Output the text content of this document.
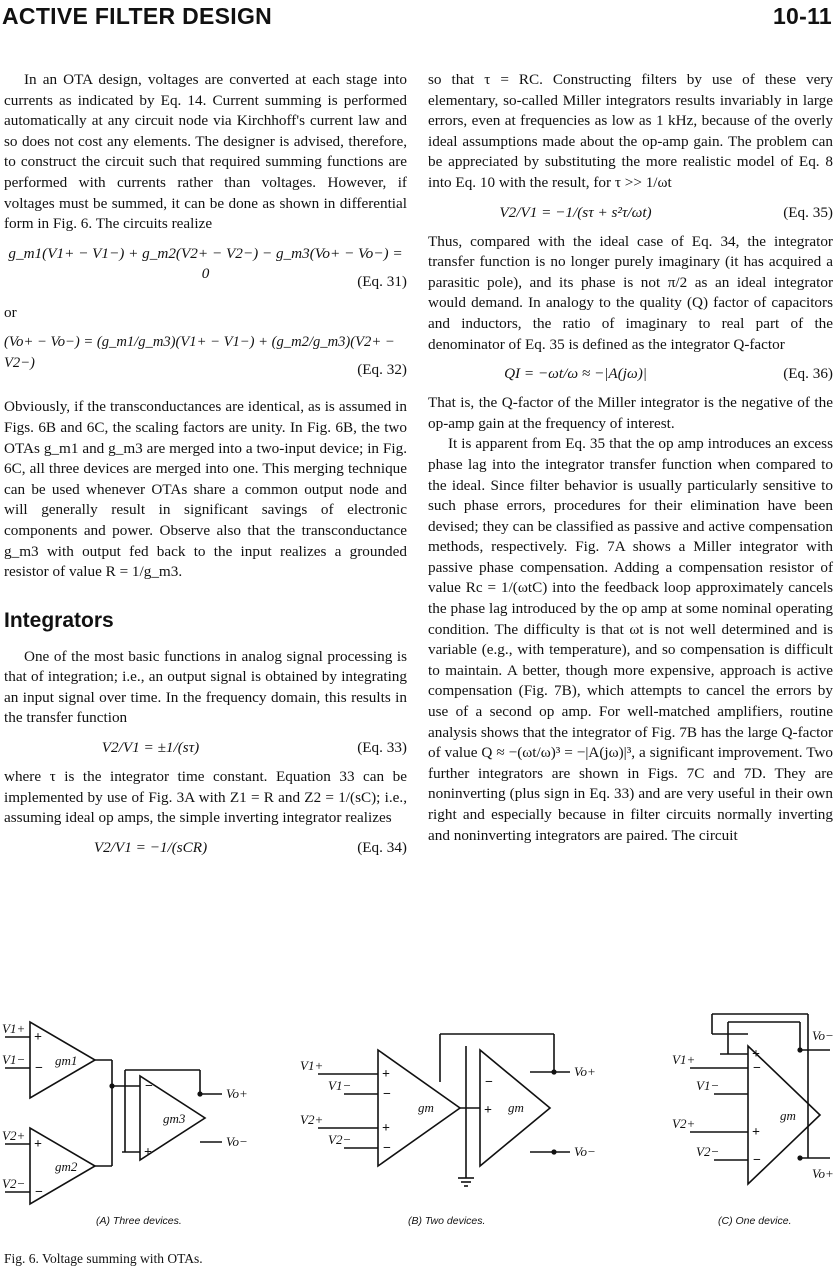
ACTIVE FILTER DESIGN	10-11

In an OTA design, voltages are converted at each stage into currents as indicated by Eq. 14. Current summing is performed automatically at any circuit node via Kirchhoff's current law and so does not cost any elements. The designer is advised, therefore, to construct the circuit such that required summing functions are performed with currents rather than voltages. However, if voltages must be summed, it can be done as shown in differential form in Fig. 6. The circuits realize

g_m1(V1+ − V1−) + g_m2(V2+ − V2−) − g_m3(Vo+ − Vo−) = 0	(Eq. 31)

or

(Vo+ − Vo−) = (g_m1/g_m3)(V1+ − V1−) + (g_m2/g_m3)(V2+ − V2−)	(Eq. 32)

Obviously, if the transconductances are identical, as is assumed in Figs. 6B and 6C, the scaling factors are unity. In Fig. 6B, the two OTAs g_m1 and g_m3 are merged into a two-input device; in Fig. 6C, all three devices are merged into one. This merging technique can be used whenever OTAs share a common output node and will generally result in significant savings of electronic components and power. Observe also that the transconductance g_m3 with output fed back to the input realizes a grounded resistor of value R = 1/g_m3.

Integrators

One of the most basic functions in analog signal processing is that of integration; i.e., an output signal is obtained by integrating an input signal over time. In the frequency domain, this results in the transfer function

V2/V1 = ±1/(sτ)	(Eq. 33)

where τ is the integrator time constant. Equation 33 can be implemented by use of Fig. 3A with Z1 = R and Z2 = 1/(sC); i.e., assuming ideal op amps, the simple inverting integrator realizes

V2/V1 = −1/(sCR)	(Eq. 34)

so that τ = RC. Constructing filters by use of these very elementary, so-called Miller integrators results invariably in large errors, even at frequencies as low as 1 kHz, because of the overly ideal assumptions made about the op-amp gain. The problem can be appreciated by substituting the more realistic model of Eq. 8 into Eq. 10 with the result, for τ >> 1/ωt

V2/V1 = −1/(sτ + s²τ/ωt)	(Eq. 35)

Thus, compared with the ideal case of Eq. 34, the integrator transfer function is no longer purely imaginary (it has acquired a parasitic pole), and its phase is not π/2 as an ideal integrator would demand. In analogy to the quality (Q) factor of capacitors and inductors, the ratio of imaginary to real part of the denominator of Eq. 35 is defined as the integrator Q-factor

QI = −ωt/ω ≈ −|A(jω)|	(Eq. 36)

That is, the Q-factor of the Miller integrator is the negative of the op-amp gain at the frequency of interest.

It is apparent from Eq. 35 that the op amp introduces an excess phase lag into the integrator transfer function when compared to the ideal. Since filter behavior is usually particularly sensitive to such phase errors, procedures for their elimination have been devised; they can be classified as passive and active compensation methods, respectively. Fig. 7A shows a Miller integrator with passive phase compensation. Adding a compensation resistor of value Rc = 1/(ωtC) into the feedback loop approximately cancels the phase lag introduced by the op amp at some nominal operating condition. The difficulty is that ωt is not well determined and is variable (e.g., with temperature), and so compensation is difficult to maintain. A better, though more expensive, approach is active compensation (Fig. 7B), which attempts to cancel the errors by use of a second op amp. For well-matched amplifiers, routine analysis shows that the integrator of Fig. 7B has the large Q-factor of value Q ≈ −(ωt/ω)³ = −|A(jω)|³, a significant improvement. Two further integrators are shown in Figs. 7C and 7D. They are noninverting (plus sign in Eq. 33) and are very useful in their own right and especially because in filter circuits normally inverting and noninverting integrators are paired. The circuit

V1+
V1−
V2+
V2−
gm1
gm2
gm3
Vo+
Vo−
V1+
V1−
V2+
V2−
gm	gm
Vo+
Vo−
V1+
V1−
V2+
V2−
gm
Vo−
Vo+
+
−
+
−
−
+
+
−
+
−
−
+
+
−
+
−
(A) Three devices.	(B) Two devices.	(C) One device.
Fig. 6. Voltage summing with OTAs.
